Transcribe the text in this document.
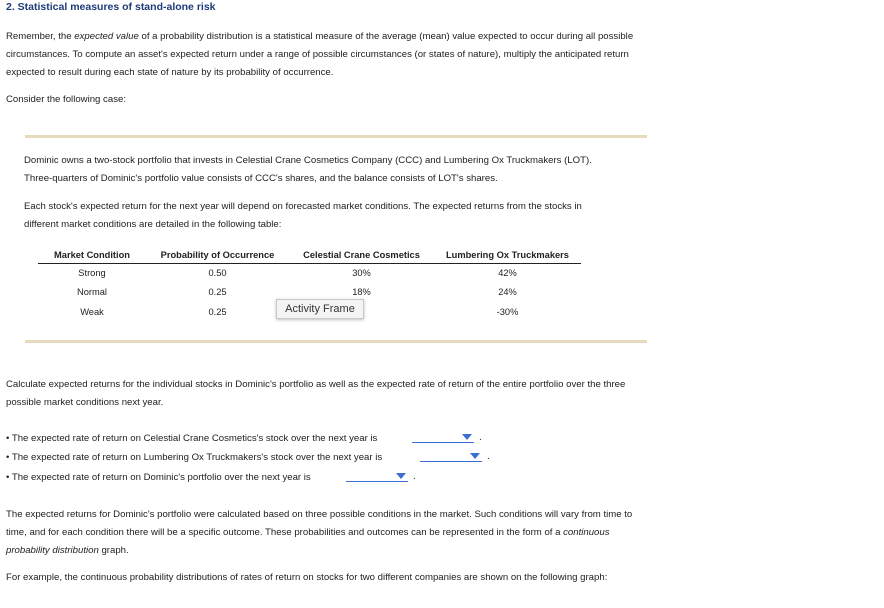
2. Statistical measures of stand-alone risk
Remember, the expected value of a probability distribution is a statistical measure of the average (mean) value expected to occur during all possible
circumstances. To compute an asset's expected return under a range of possible circumstances (or states of nature), multiply the anticipated return
expected to result during each state of nature by its probability of occurrence.
Consider the following case:
Dominic owns a two-stock portfolio that invests in Celestial Crane Cosmetics Company (CCC) and Lumbering Ox Truckmakers (LOT).
Three-quarters of Dominic's portfolio value consists of CCC's shares, and the balance consists of LOT's shares.
Each stock's expected return for the next year will depend on forecasted market conditions. The expected returns from the stocks in
different market conditions are detailed in the following table:
Market Condition	Probability of Occurrence	Celestial Crane Cosmetics	Lumbering Ox Truckmakers
Strong	0.50	30%	42%
Normal	0.25	18%	24%
Weak	0.25		-30%
Activity Frame
Calculate expected returns for the individual stocks in Dominic's portfolio as well as the expected rate of return of the entire portfolio over the three
possible market conditions next year.
• The expected rate of return on Celestial Crane Cosmetics's stock over the next year is	.
• The expected rate of return on Lumbering Ox Truckmakers's stock over the next year is	.
• The expected rate of return on Dominic's portfolio over the next year is	.
The expected returns for Dominic's portfolio were calculated based on three possible conditions in the market. Such conditions will vary from time to
time, and for each condition there will be a specific outcome. These probabilities and outcomes can be represented in the form of a continuous
probability distribution graph.
For example, the continuous probability distributions of rates of return on stocks for two different companies are shown on the following graph:
